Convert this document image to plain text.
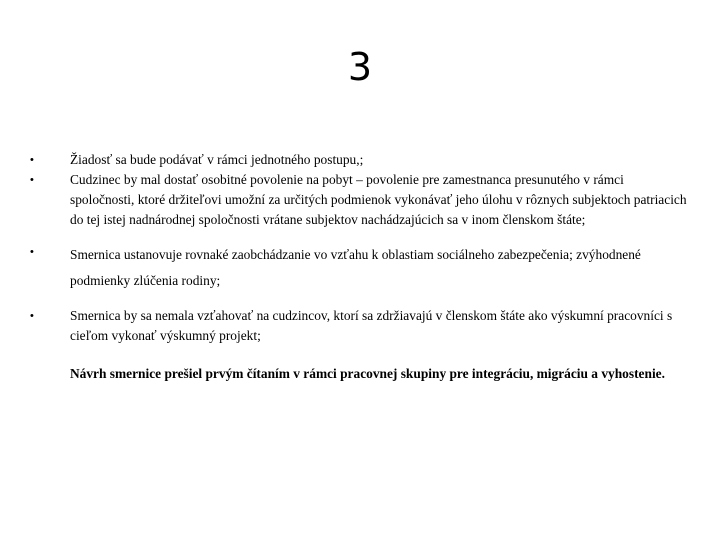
3
•	Žiadosť sa bude podávať v rámci jednotného postupu,;

•	Cudzinec by mal dostať osobitné povolenie na pobyt – povolenie pre zamestnanca presunutého v rámci spoločnosti, ktoré držiteľovi umožní za určitých podmienok vykonávať jeho úlohu v rôznych subjektoch patriacich do tej istej nadnárodnej spoločnosti vrátane subjektov nachádzajúcich sa v inom členskom štáte;

•	Smernica ustanovuje rovnaké zaobchádzanie vo vzťahu k oblastiam sociálneho zabezpečenia; zvýhodnené podmienky zlúčenia rodiny;

•	Smernica by sa nemala vzťahovať na cudzincov, ktorí sa zdržiavajú v členskom štáte ako výskumní pracovníci s cieľom vykonať výskumný projekt;

Návrh smernice prešiel prvým čítaním v rámci pracovnej skupiny pre integráciu, migráciu a vyhostenie.
